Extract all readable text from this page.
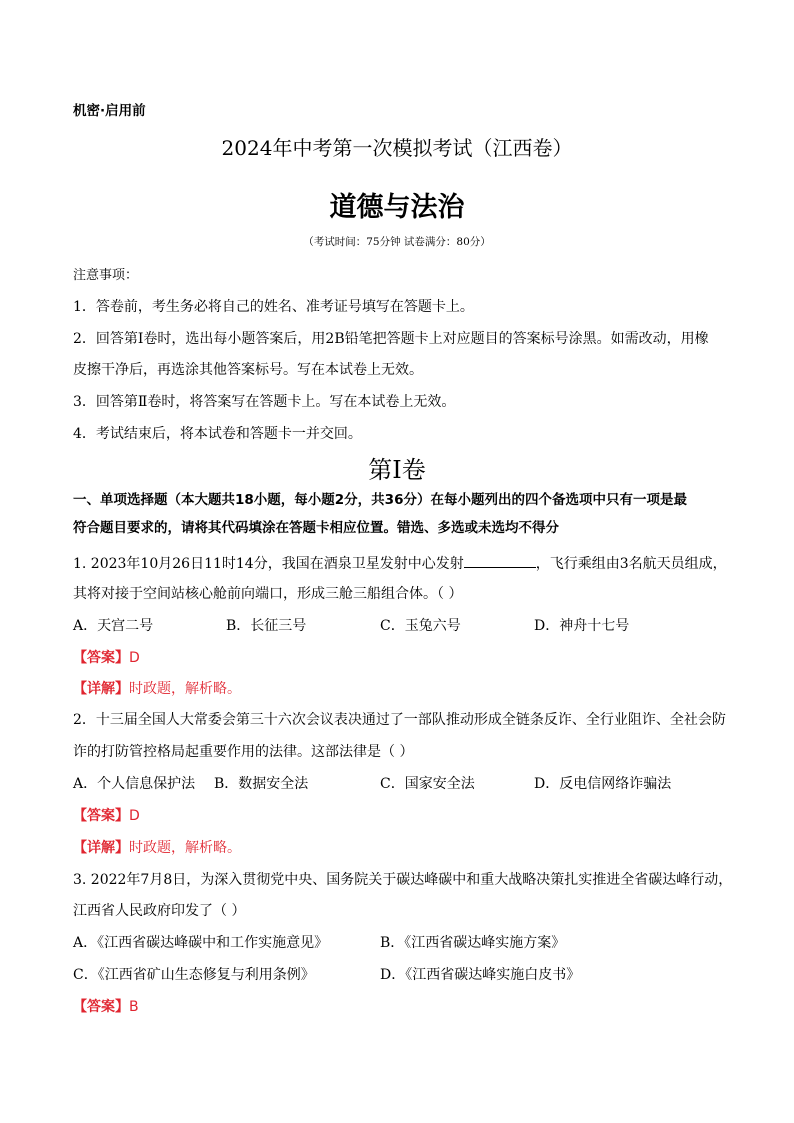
机密·启用前
2024年中考第一次模拟考试（江西卷）
道德与法治
（考试时间：75分钟 试卷满分：80分）
注意事项：
1．答卷前，考生务必将自己的姓名、准考证号填写在答题卡上。
2．回答第Ⅰ卷时，选出每小题答案后，用2B铅笔把答题卡上对应题目的答案标号涂黑。如需改动，用橡
皮擦干净后，再选涂其他答案标号。写在本试卷上无效。
3．回答第Ⅱ卷时，将答案写在答题卡上。写在本试卷上无效。
4．考试结束后，将本试卷和答题卡一并交回。
第Ⅰ卷
一、单项选择题（本大题共18小题，每小题2分，共36分）在每小题列出的四个备选项中只有一项是最
符合题目要求的，请将其代码填涂在答题卡相应位置。错选、多选或未选均不得分
1. 2023年10月26日11时14分，我国在酒泉卫星发射中心发射	，飞行乘组由3名航天员组成，
其将对接于空间站核心舱前向端口，形成三舱三船组合体。（ ）
A．天宫二号	B．长征三号	C．玉兔六号	D．神舟十七号
【答案】D
【详解】时政题，解析略。
2．十三届全国人大常委会第三十六次会议表决通过了一部队推动形成全链条反诈、全行业阻诈、全社会防
诈的打防管控格局起重要作用的法律。这部法律是（ ）
A．个人信息保护法 B．数据安全法	C．国家安全法	D．反电信网络诈骗法
【答案】D
【详解】时政题，解析略。
3. 2022年7月8日，为深入贯彻党中央、国务院关于碳达峰碳中和重大战略决策扎实推进全省碳达峰行动，
江西省人民政府印发了（ ）
A．《江西省碳达峰碳中和工作实施意见》	B．《江西省碳达峰实施方案》
C．《江西省矿山生态修复与利用条例》	D．《江西省碳达峰实施白皮书》
【答案】B
